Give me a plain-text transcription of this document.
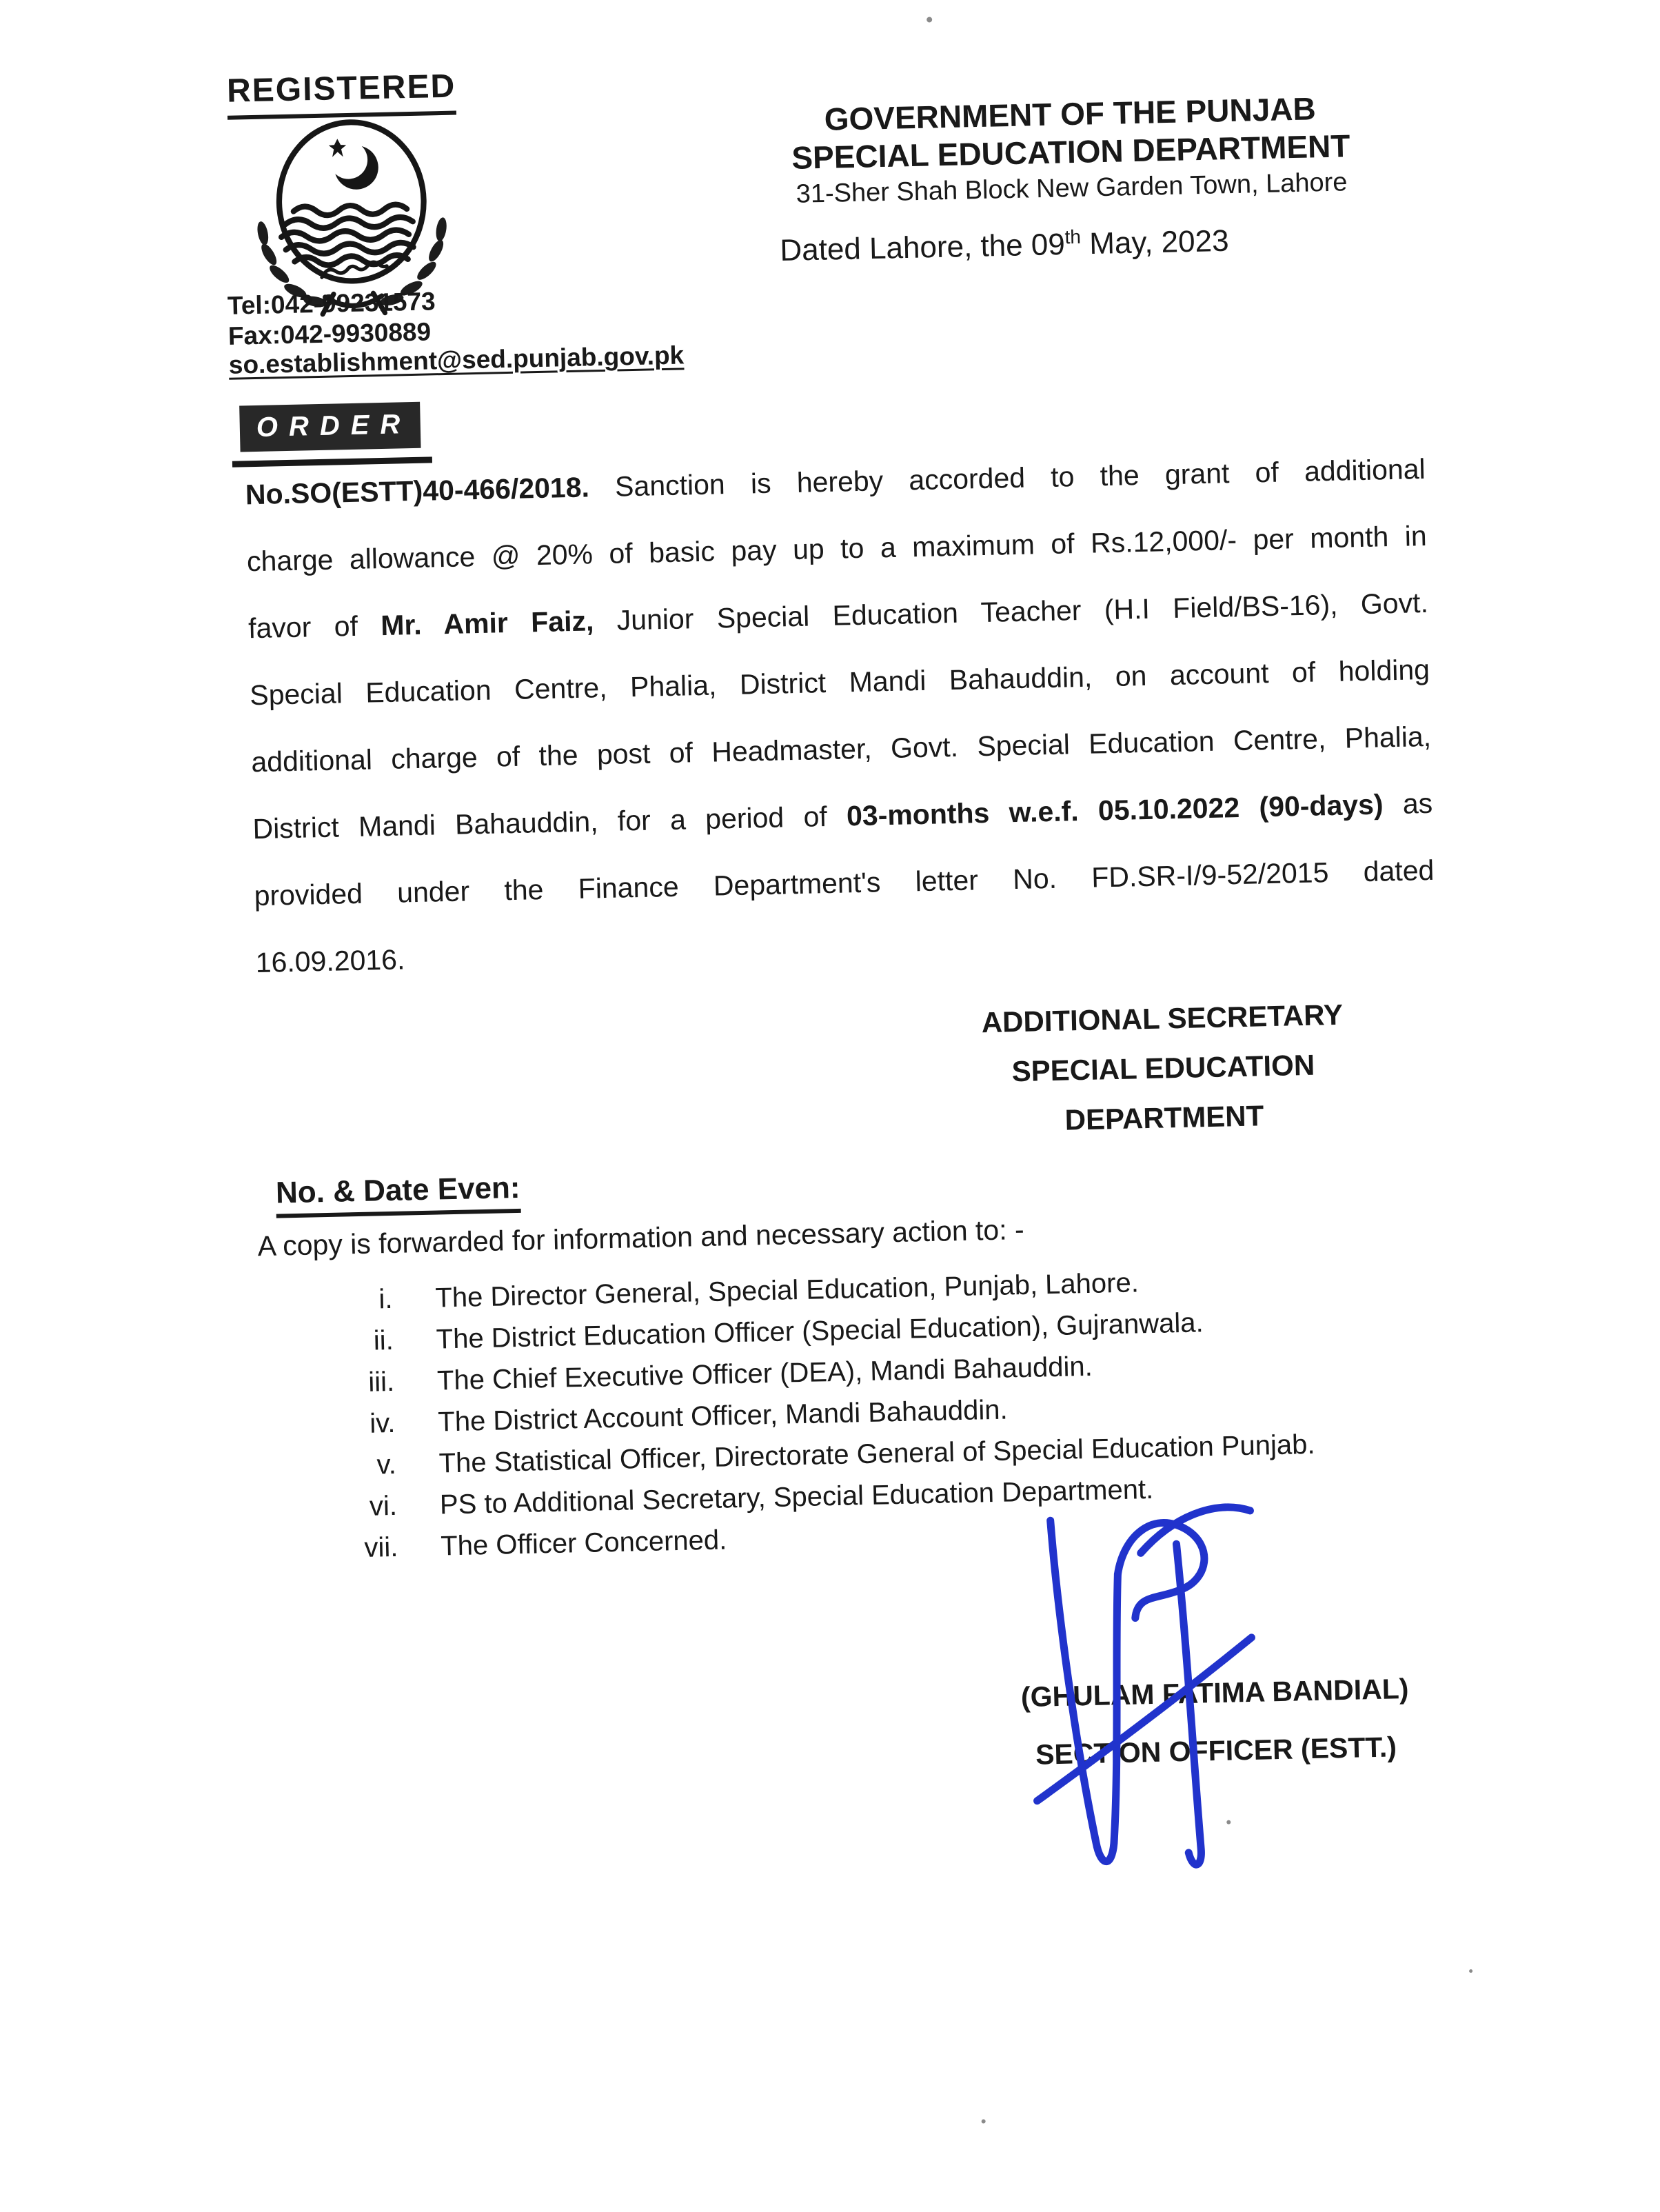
REGISTERED
Tel:042-99231573
Fax:042-9930889
so.establishment@sed.punjab.gov.pk
GOVERNMENT OF THE PUNJAB
SPECIAL EDUCATION DEPARTMENT
31-Sher Shah Block New Garden Town, Lahore
Dated Lahore, the 09th May, 2023
ORDER
No.SO(ESTT)40-466/2018. Sanction is hereby accorded to the grant of additional
charge allowance @ 20% of basic pay up to a maximum of Rs.12,000/- per month in
favor of Mr. Amir Faiz, Junior Special Education Teacher (H.I Field/BS-16), Govt.
Special Education Centre, Phalia, District Mandi Bahauddin, on account of holding
additional charge of the post of Headmaster, Govt. Special Education Centre, Phalia,
District Mandi Bahauddin, for a period of 03-months w.e.f. 05.10.2022 (90-days) as
provided under the Finance Department's letter No. FD.SR-I/9-52/2015 dated
16.09.2016.
ADDITIONAL SECRETARY
SPECIAL EDUCATION
DEPARTMENT
No. & Date Even:
A copy is forwarded for information and necessary action to: -
i. The Director General, Special Education, Punjab, Lahore.
ii. The District Education Officer (Special Education), Gujranwala.
iii. The Chief Executive Officer (DEA), Mandi Bahauddin.
iv. The District Account Officer, Mandi Bahauddin.
v. The Statistical Officer, Directorate General of Special Education Punjab.
vi. PS to Additional Secretary, Special Education Department.
vii. The Officer Concerned.
(GHULAM FATIMA BANDIAL)
SECTION OFFICER (ESTT.)
